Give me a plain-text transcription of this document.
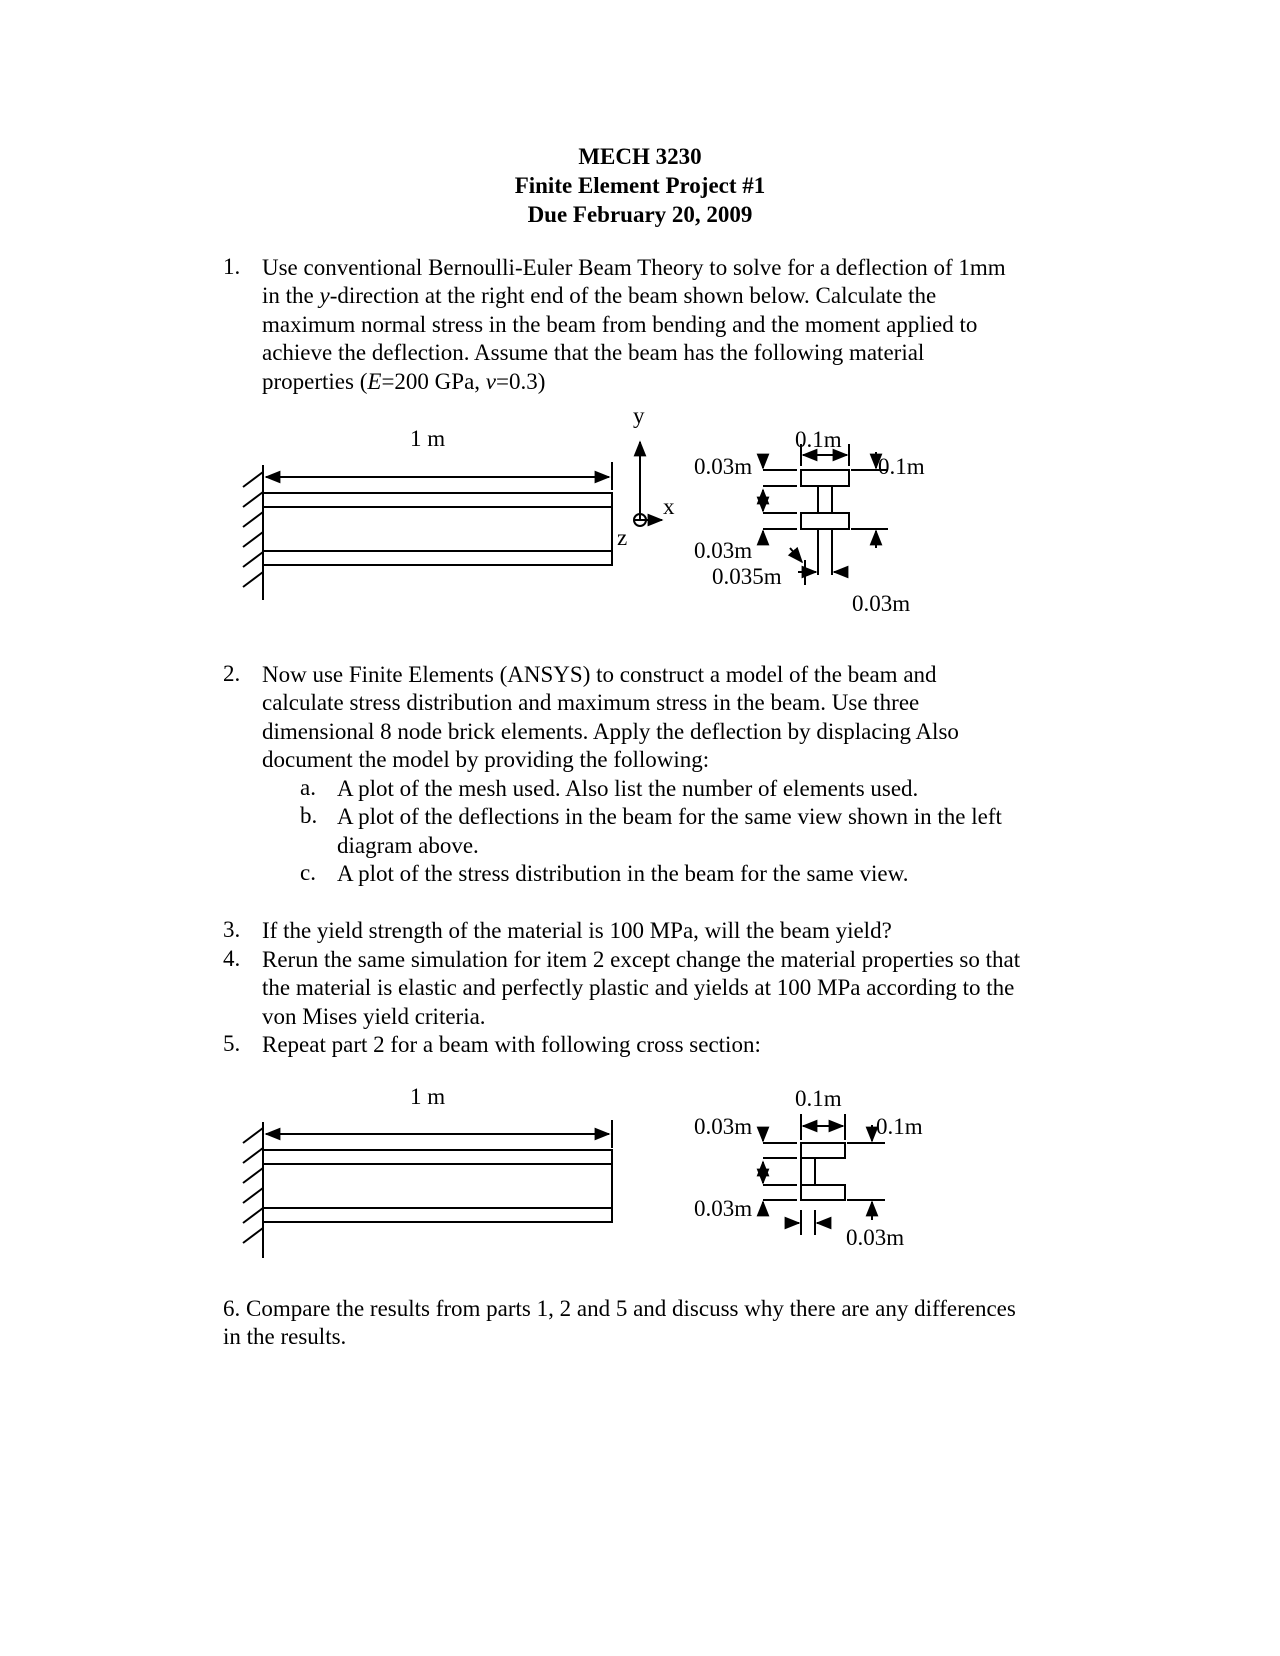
MECH 3230
Finite Element Project #1
Due February 20, 2009
1. Use conventional Bernoulli-Euler Beam Theory to solve for a deflection of 1mm
in the y-direction at the right end of the beam shown below. Calculate the
maximum normal stress in the beam from bending and the moment applied to
achieve the deflection. Assume that the beam has the following material
properties (E=200 GPa, v=0.3)
1 m
y
x
z
0.1m
0.1m
0.03m
0.03m
0.035m
0.03m
2. Now use Finite Elements (ANSYS) to construct a model of the beam and
calculate stress distribution and maximum stress in the beam. Use three
dimensional 8 node brick elements. Apply the deflection by displacing Also
document the model by providing the following:
a. A plot of the mesh used. Also list the number of elements used.
b. A plot of the deflections in the beam for the same view shown in the left
diagram above.
c. A plot of the stress distribution in the beam for the same view.
3. If the yield strength of the material is 100 MPa, will the beam yield?
4. Rerun the same simulation for item 2 except change the material properties so that
the material is elastic and perfectly plastic and yields at 100 MPa according to the
von Mises yield criteria.
5. Repeat part 2 for a beam with following cross section:
1 m	0.1m
0.1m
0.03m
0.03m
0.03m
6. Compare the results from parts 1, 2 and 5 and discuss why there are any differences
in the results.
